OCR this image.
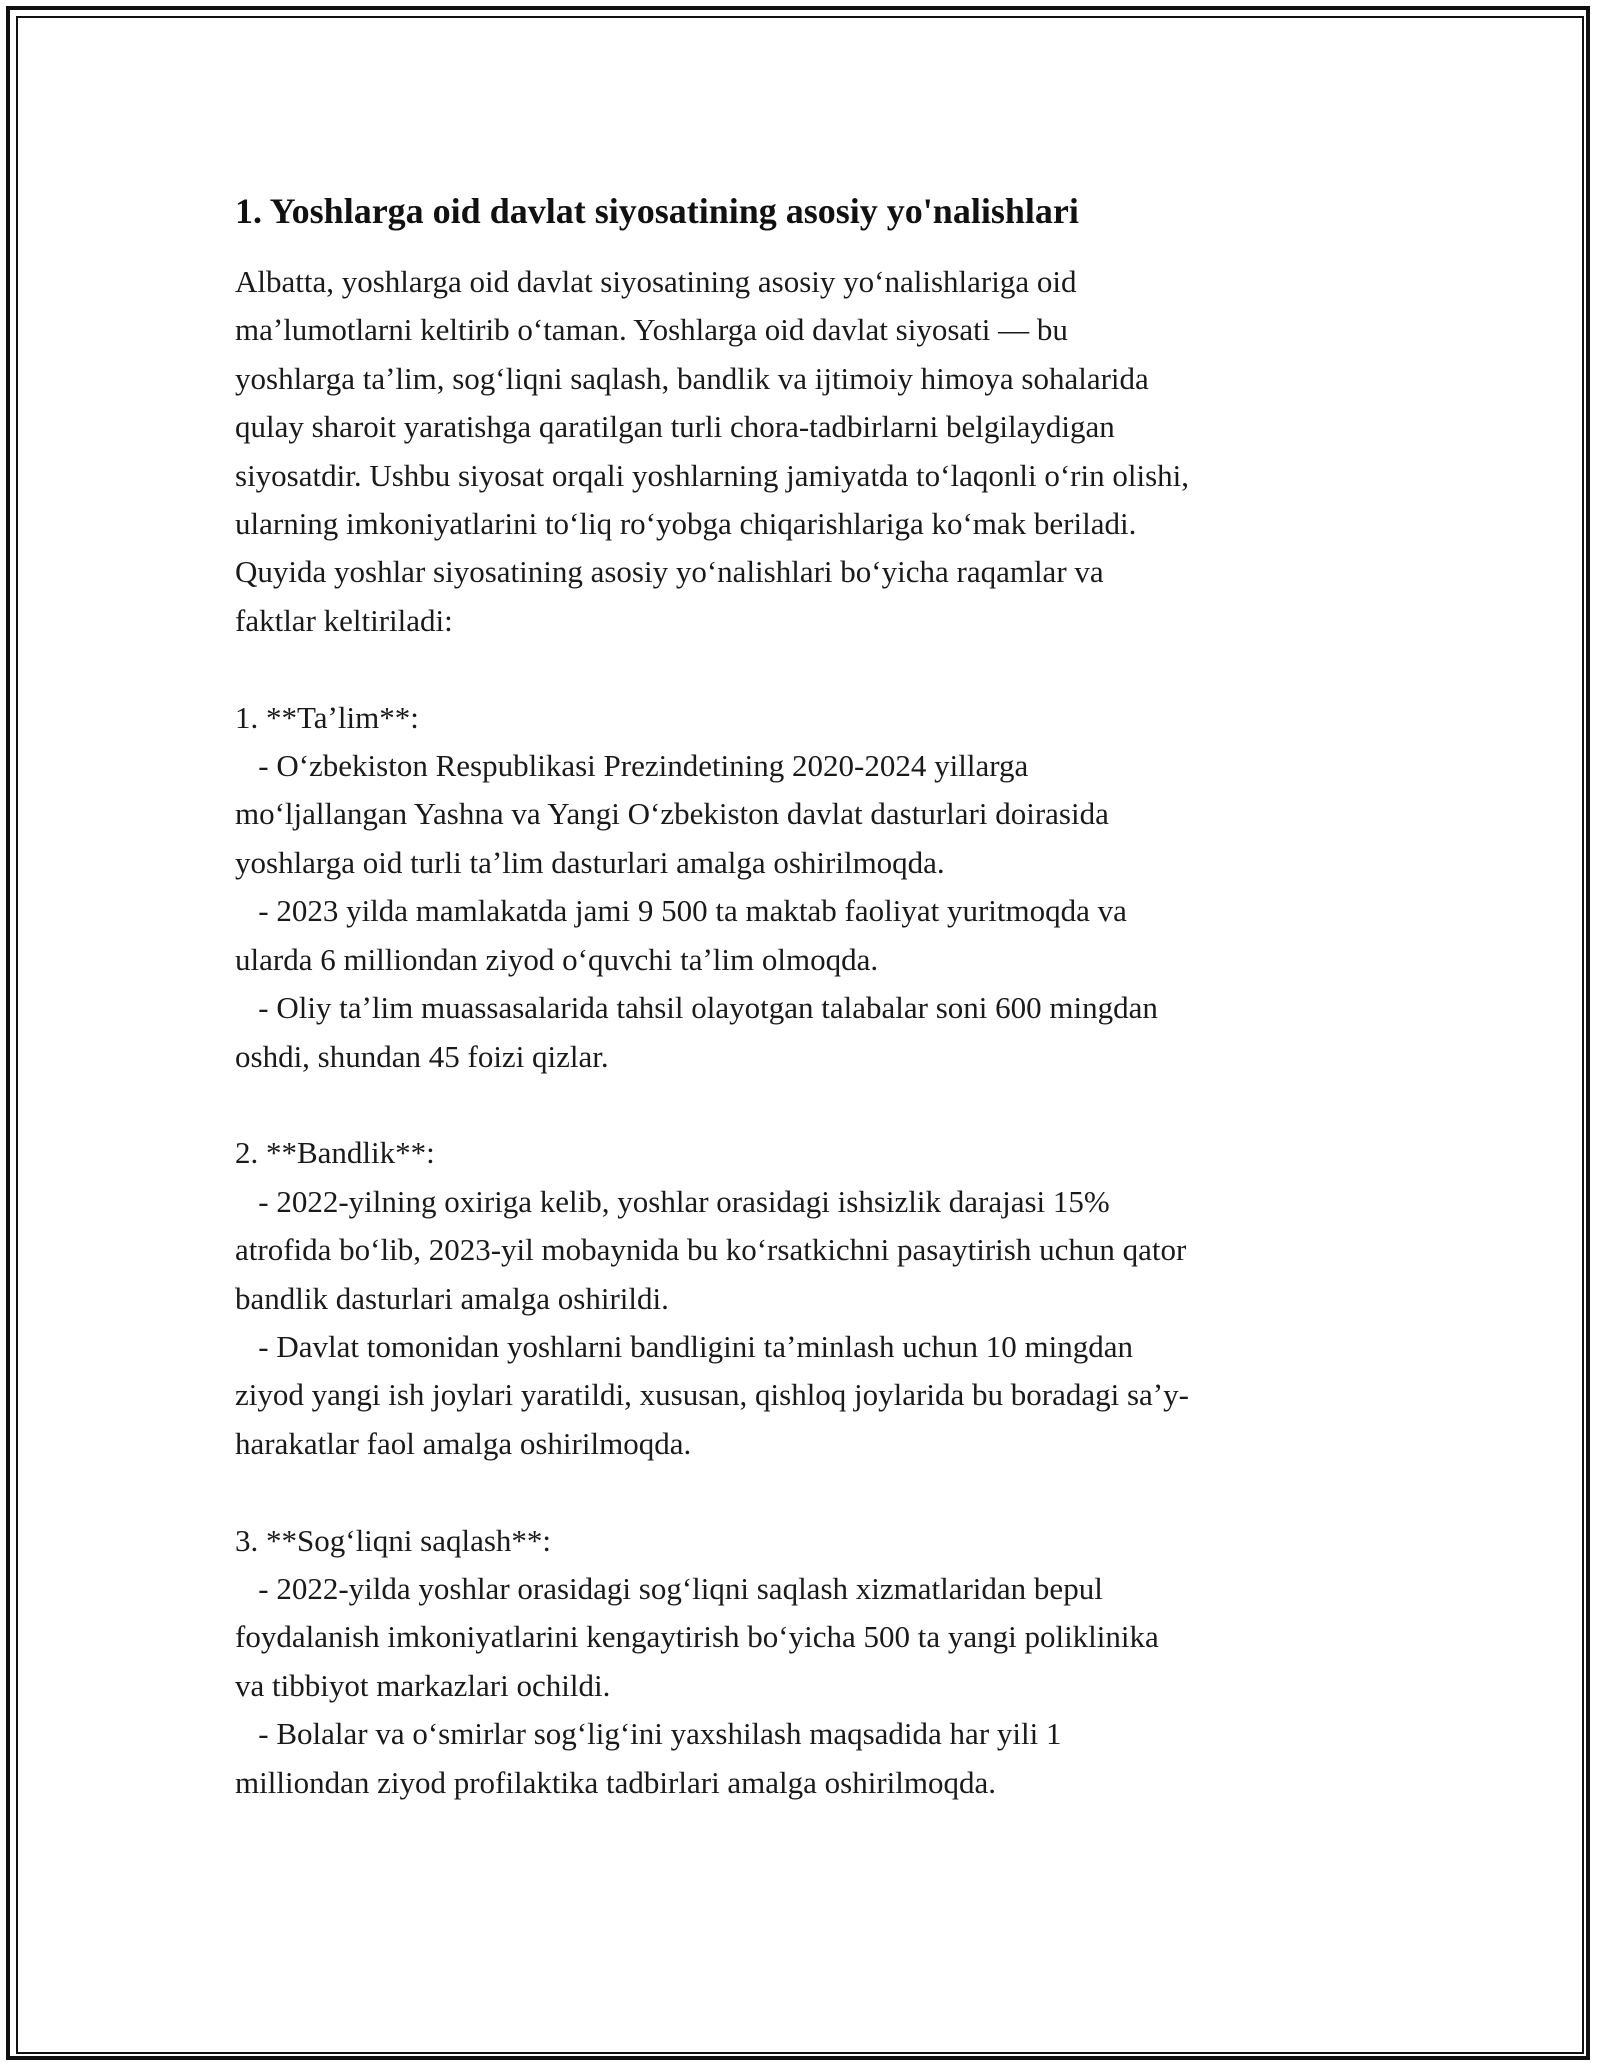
1. Yoshlarga oid davlat siyosatining asosiy yo'nalishlari

Albatta, yoshlarga oid davlat siyosatining asosiy yoʻnalishlariga oid
maʼlumotlarni keltirib oʻtaman. Yoshlarga oid davlat siyosati — bu
yoshlarga taʼlim, sogʻliqni saqlash, bandlik va ijtimoiy himoya sohalarida
qulay sharoit yaratishga qaratilgan turli chora-tadbirlarni belgilaydigan
siyosatdir. Ushbu siyosat orqali yoshlarning jamiyatda toʻlaqonli oʻrin olishi,
ularning imkoniyatlarini toʻliq roʻyobga chiqarishlariga koʻmak beriladi.
Quyida yoshlar siyosatining asosiy yoʻnalishlari boʻyicha raqamlar va
faktlar keltiriladi:

1. **Taʼlim**:
- Oʻzbekiston Respublikasi Prezindetining 2020-2024 yillarga
moʻljallangan Yashna va Yangi Oʻzbekiston davlat dasturlari doirasida
yoshlarga oid turli taʼlim dasturlari amalga oshirilmoqda.
- 2023 yilda mamlakatda jami 9 500 ta maktab faoliyat yuritmoqda va
ularda 6 milliondan ziyod oʻquvchi taʼlim olmoqda.
- Oliy taʼlim muassasalarida tahsil olayotgan talabalar soni 600 mingdan
oshdi, shundan 45 foizi qizlar.

2. **Bandlik**:
- 2022-yilning oxiriga kelib, yoshlar orasidagi ishsizlik darajasi 15%
atrofida boʻlib, 2023-yil mobaynida bu koʻrsatkichni pasaytirish uchun qator
bandlik dasturlari amalga oshirildi.
- Davlat tomonidan yoshlarni bandligini taʼminlash uchun 10 mingdan
ziyod yangi ish joylari yaratildi, xususan, qishloq joylarida bu boradagi saʼy-
harakatlar faol amalga oshirilmoqda.

3. **Sogʻliqni saqlash**:
- 2022-yilda yoshlar orasidagi sogʻliqni saqlash xizmatlaridan bepul
foydalanish imkoniyatlarini kengaytirish boʻyicha 500 ta yangi poliklinika
va tibbiyot markazlari ochildi.
- Bolalar va oʻsmirlar sogʻligʻini yaxshilash maqsadida har yili 1
milliondan ziyod profilaktika tadbirlari amalga oshirilmoqda.
